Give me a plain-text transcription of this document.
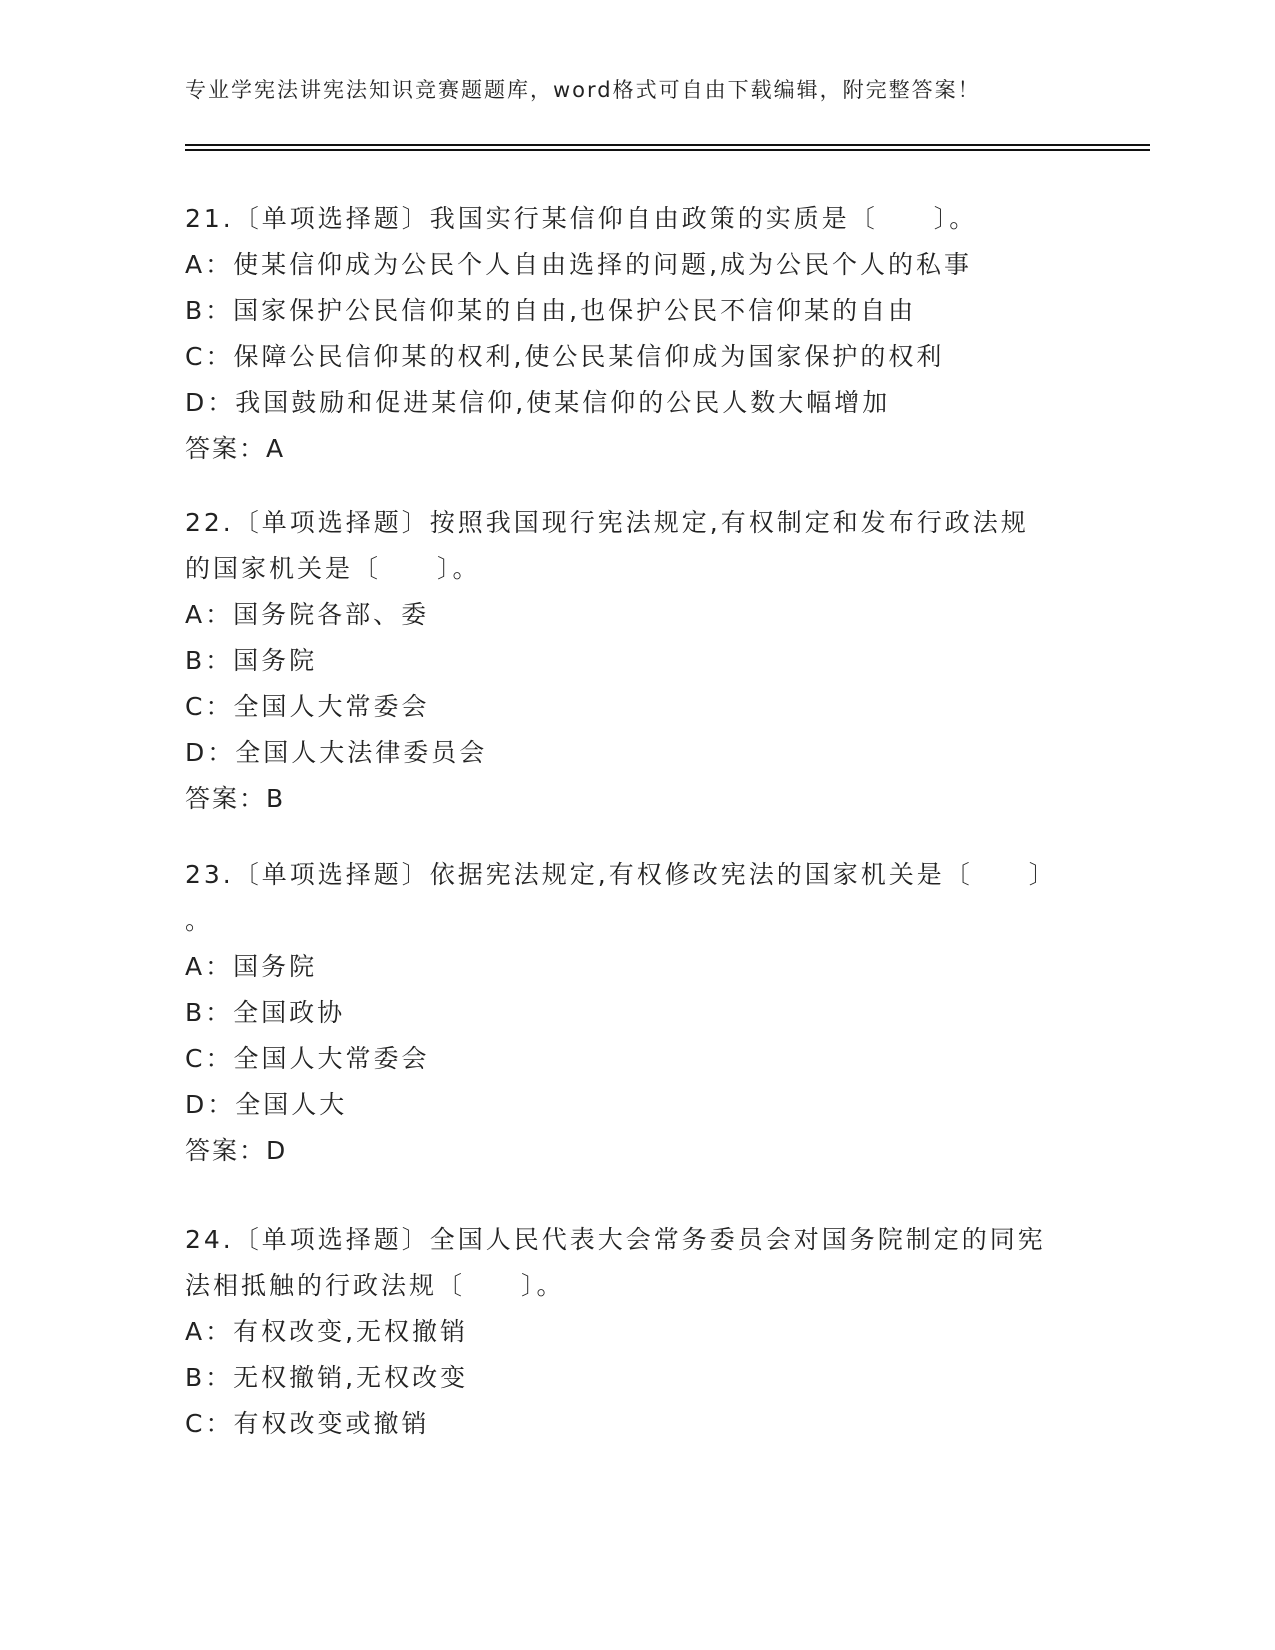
专业学宪法讲宪法知识竞赛题题库，word格式可自由下载编辑，附完整答案！
21.〔单项选择题〕我国实行某信仰自由政策的实质是〔　　〕。
A：使某信仰成为公民个人自由选择的问题,成为公民个人的私事
B：国家保护公民信仰某的自由,也保护公民不信仰某的自由
C：保障公民信仰某的权利,使公民某信仰成为国家保护的权利
D：我国鼓励和促进某信仰,使某信仰的公民人数大幅增加
答案：A
22.〔单项选择题〕按照我国现行宪法规定,有权制定和发布行政法规
的国家机关是〔　　〕。
A：国务院各部、委
B：国务院
C：全国人大常委会
D：全国人大法律委员会
答案：B
23.〔单项选择题〕依据宪法规定,有权修改宪法的国家机关是〔　　〕
。
A：国务院
B：全国政协
C：全国人大常委会
D：全国人大
答案：D
24.〔单项选择题〕全国人民代表大会常务委员会对国务院制定的同宪
法相抵触的行政法规〔　　〕。
A：有权改变,无权撤销
B：无权撤销,无权改变
C：有权改变或撤销
